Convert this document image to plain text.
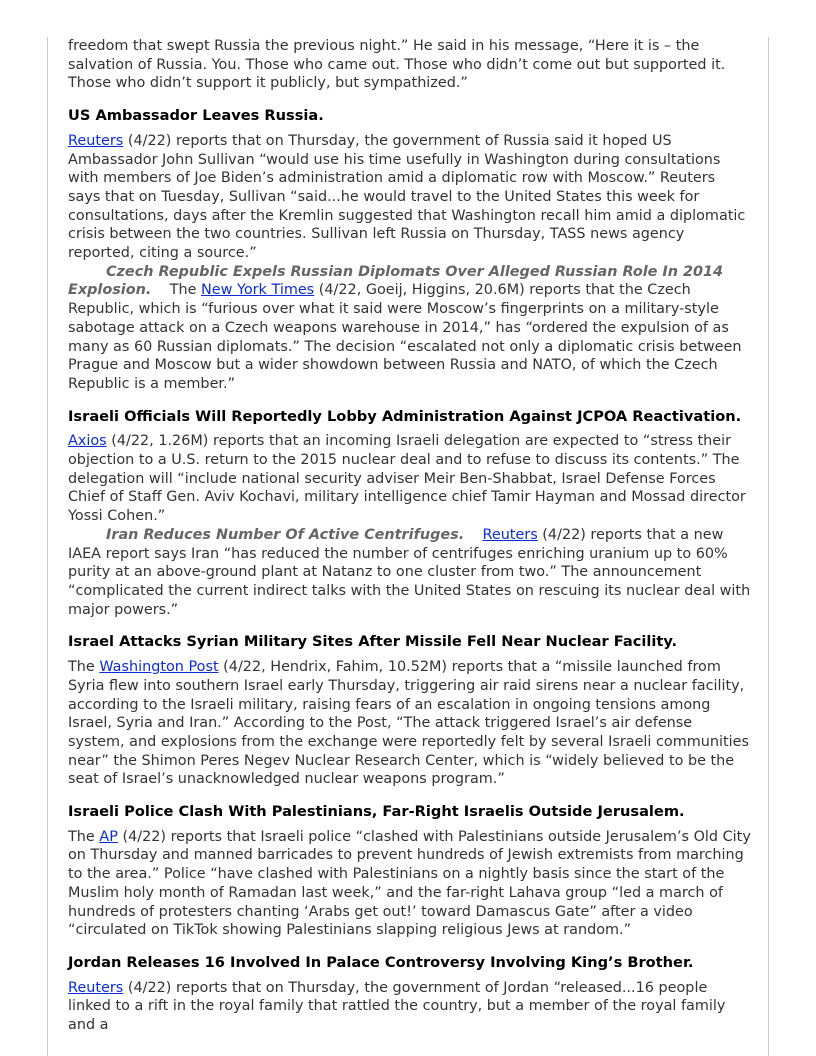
freedom that swept Russia the previous night.” He said in his message, “Here it is – the salvation of Russia. You. Those who came out. Those who didn’t come out but supported it. Those who didn’t support it publicly, but sympathized.”

US Ambassador Leaves Russia.

Reuters (4/22) reports that on Thursday, the government of Russia said it hoped US Ambassador John Sullivan “would use his time usefully in Washington during consultations with members of Joe Biden’s administration amid a diplomatic row with Moscow.” Reuters says that on Tuesday, Sullivan “said...he would travel to the United States this week for consultations, days after the Kremlin suggested that Washington recall him amid a diplomatic crisis between the two countries. Sullivan left Russia on Thursday, TASS news agency reported, citing a source.”

Czech Republic Expels Russian Diplomats Over Alleged Russian Role In 2014 Explosion. The New York Times (4/22, Goeij, Higgins, 20.6M) reports that the Czech Republic, which is “furious over what it said were Moscow’s fingerprints on a military-style sabotage attack on a Czech weapons warehouse in 2014,” has “ordered the expulsion of as many as 60 Russian diplomats.” The decision “escalated not only a diplomatic crisis between Prague and Moscow but a wider showdown between Russia and NATO, of which the Czech Republic is a member.”

Israeli Officials Will Reportedly Lobby Administration Against JCPOA Reactivation.

Axios (4/22, 1.26M) reports that an incoming Israeli delegation are expected to “stress their objection to a U.S. return to the 2015 nuclear deal and to refuse to discuss its contents.” The delegation will “include national security adviser Meir Ben-Shabbat, Israel Defense Forces Chief of Staff Gen. Aviv Kochavi, military intelligence chief Tamir Hayman and Mossad director Yossi Cohen.”

Iran Reduces Number Of Active Centrifuges. Reuters (4/22) reports that a new IAEA report says Iran “has reduced the number of centrifuges enriching uranium up to 60% purity at an above-ground plant at Natanz to one cluster from two.” The announcement “complicated the current indirect talks with the United States on rescuing its nuclear deal with major powers.”

Israel Attacks Syrian Military Sites After Missile Fell Near Nuclear Facility.

The Washington Post (4/22, Hendrix, Fahim, 10.52M) reports that a “missile launched from Syria flew into southern Israel early Thursday, triggering air raid sirens near a nuclear facility, according to the Israeli military, raising fears of an escalation in ongoing tensions among Israel, Syria and Iran.” According to the Post, “The attack triggered Israel’s air defense system, and explosions from the exchange were reportedly felt by several Israeli communities near” the Shimon Peres Negev Nuclear Research Center, which is “widely believed to be the seat of Israel’s unacknowledged nuclear weapons program.”

Israeli Police Clash With Palestinians, Far-Right Israelis Outside Jerusalem.

The AP (4/22) reports that Israeli police “clashed with Palestinians outside Jerusalem’s Old City on Thursday and manned barricades to prevent hundreds of Jewish extremists from marching to the area.” Police “have clashed with Palestinians on a nightly basis since the start of the Muslim holy month of Ramadan last week,” and the far-right Lahava group “led a march of hundreds of protesters chanting ‘Arabs get out!’ toward Damascus Gate” after a video “circulated on TikTok showing Palestinians slapping religious Jews at random.”

Jordan Releases 16 Involved In Palace Controversy Involving King’s Brother.

Reuters (4/22) reports that on Thursday, the government of Jordan “released...16 people linked to a rift in the royal family that rattled the country, but a member of the royal family and a
